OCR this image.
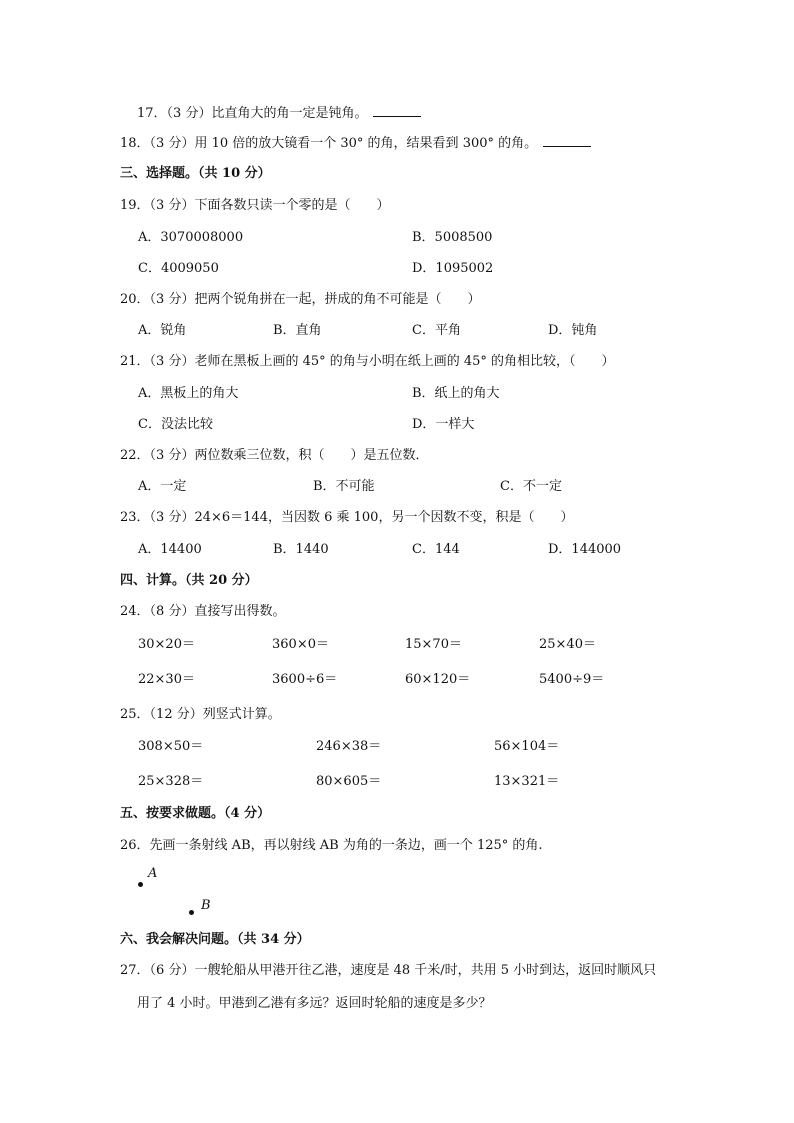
17．（3 分）比直角大的角一定是钝角。
18．（3 分）用 10 倍的放大镜看一个 30° 的角，结果看到 300° 的角。
三、选择题。（共 10 分）
19．（3 分）下面各数只读一个零的是（　　）
A．3070008000	B．5008500
C．4009050	D．1095002
20．（3 分）把两个锐角拼在一起，拼成的角不可能是（　　）
A．锐角	B．直角	C．平角	D．钝角
21．（3 分）老师在黑板上画的 45° 的角与小明在纸上画的 45° 的角相比较，（　　）
A．黑板上的角大	B．纸上的角大
C．没法比较	D．一样大
22．（3 分）两位数乘三位数，积（　　）是五位数．
A．一定	B．不可能	C．不一定
23．（3 分）24×6＝144，当因数 6 乘 100，另一个因数不变，积是（　　）
A．14400	B．1440	C．144	D．144000
四、计算。（共 20 分）
24．（8 分）直接写出得数。
30×20＝	360×0＝	15×70＝	25×40＝
22×30＝	3600÷6＝	60×120＝	5400÷9＝
25．（12 分）列竖式计算。
308×50＝	246×38＝	56×104＝
25×328＝	80×605＝	13×321＝
五、按要求做题。（4 分）
26．先画一条射线 AB，再以射线 AB 为角的一条边，画一个 125° 的角.
A
B
六、我会解决问题。（共 34 分）
27．（6 分）一艘轮船从甲港开往乙港，速度是 48 千米/时，共用 5 小时到达，返回时顺风只
用了 4 小时。甲港到乙港有多远？返回时轮船的速度是多少？
